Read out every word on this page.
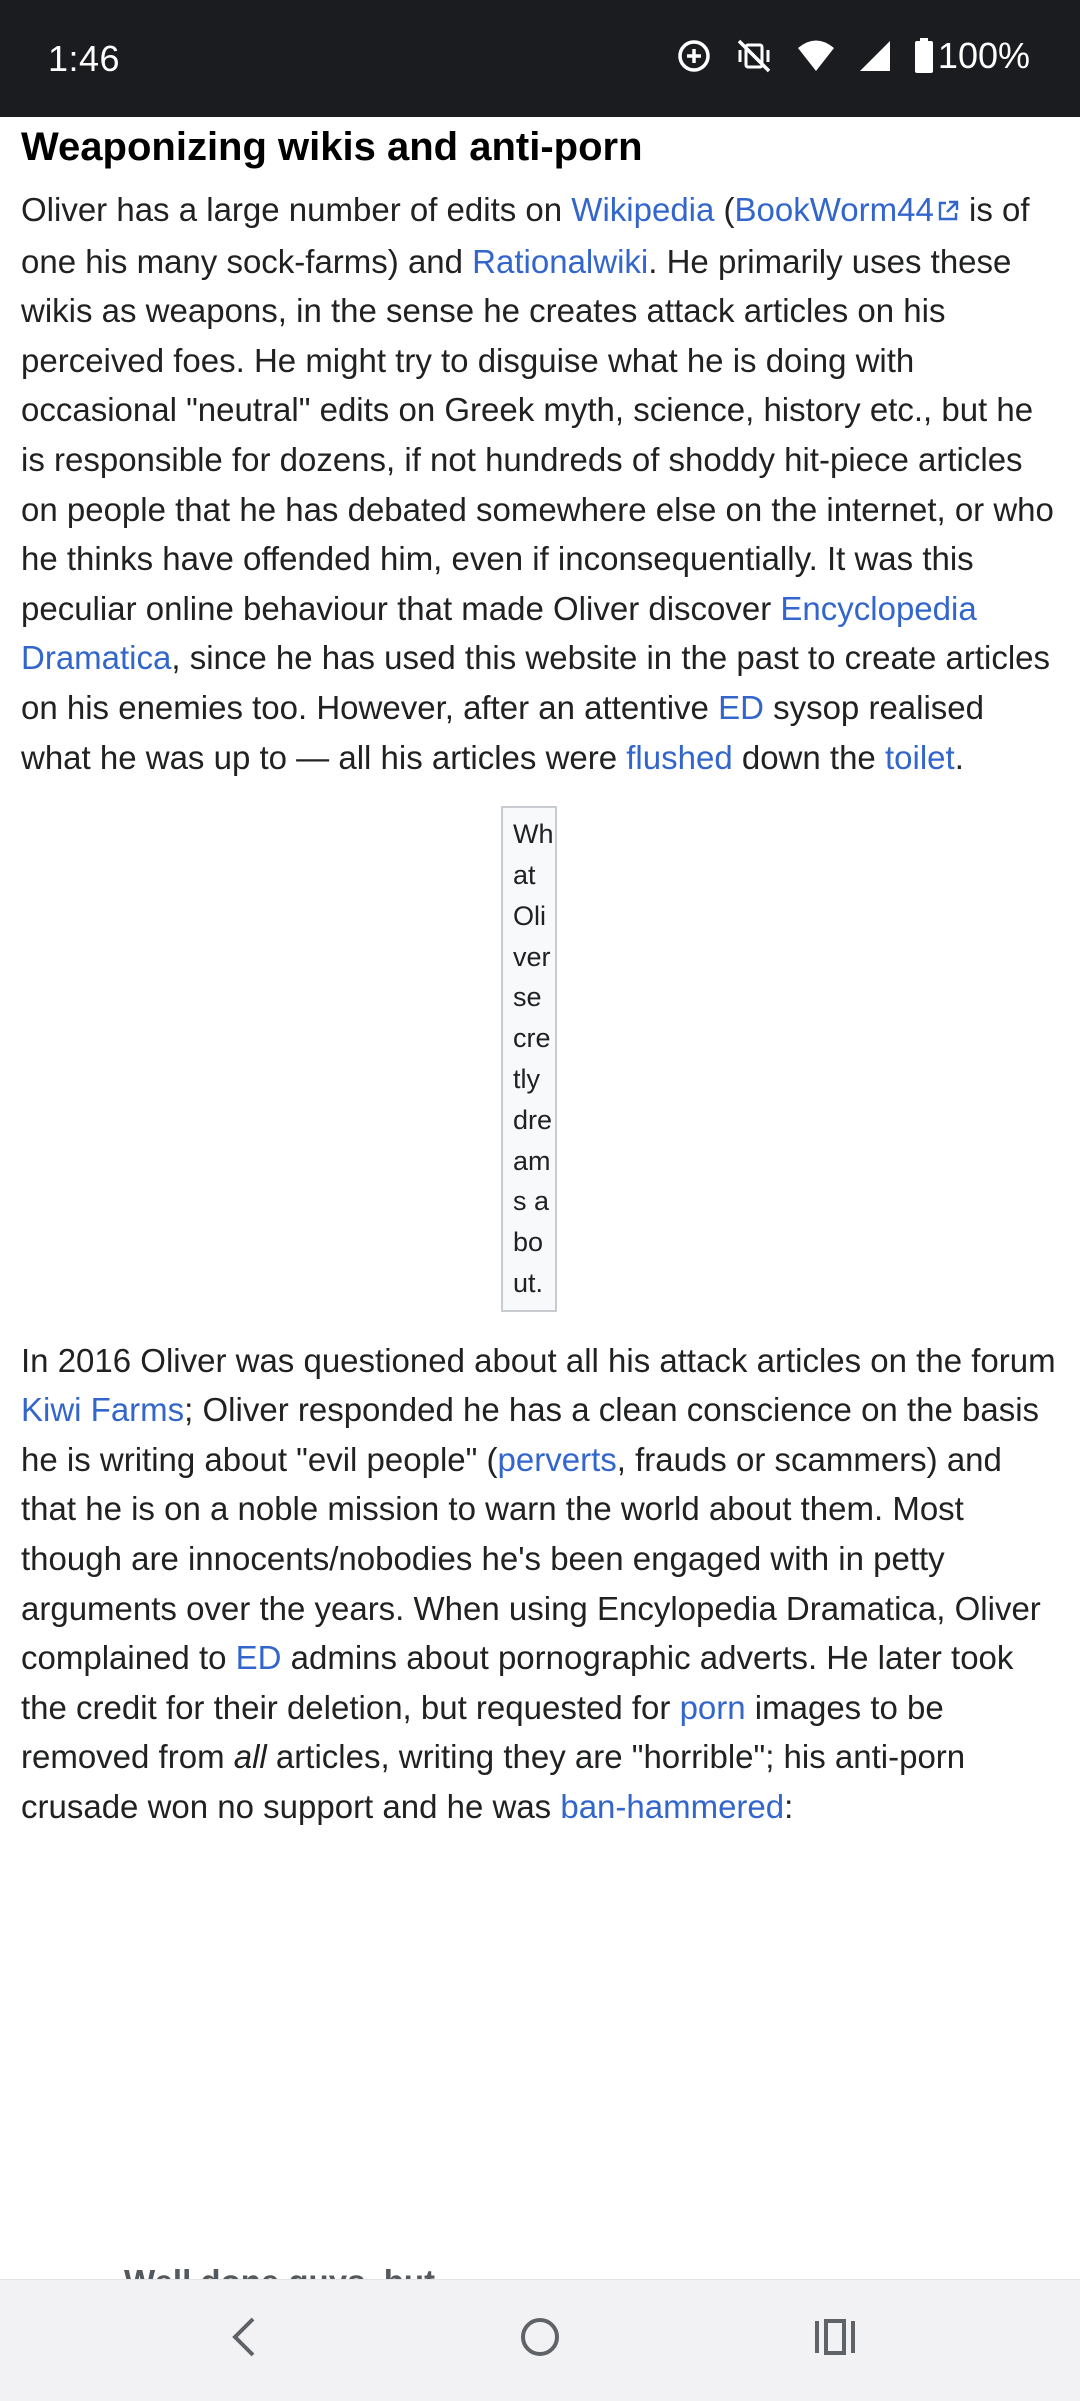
1:46	100%
Weaponizing wikis and anti-porn

Oliver has a large number of edits on Wikipedia (BookWorm44 is of one his many sock-farms) and Rationalwiki. He primarily uses these wikis as weapons, in the sense he creates attack articles on his perceived foes. He might try to disguise what he is doing with occasional "neutral" edits on Greek myth, science, history etc., but he is responsible for dozens, if not hundreds of shoddy hit-piece articles on people that he has debated somewhere else on the internet, or who he thinks have offended him, even if inconsequentially. It was this peculiar online behaviour that made Oliver discover Encyclopedia Dramatica, since he has used this website in the past to create articles on his enemies too. However, after an attentive ED sysop realised what he was up to — all his articles were flushed down the toilet.

What Oliver secretly dreams about.

In 2016 Oliver was questioned about all his attack articles on the forum Kiwi Farms; Oliver responded he has a clean conscience on the basis he is writing about "evil people" (perverts, frauds or scammers) and that he is on a noble mission to warn the world about them. Most though are innocents/nobodies he's been engaged with in petty arguments over the years. When using Encylopedia Dramatica, Oliver complained to ED admins about pornographic adverts. He later took the credit for their deletion, but requested for porn images to be removed from all articles, writing they are "horrible"; his anti-porn crusade won no support and he was ban-hammered:
